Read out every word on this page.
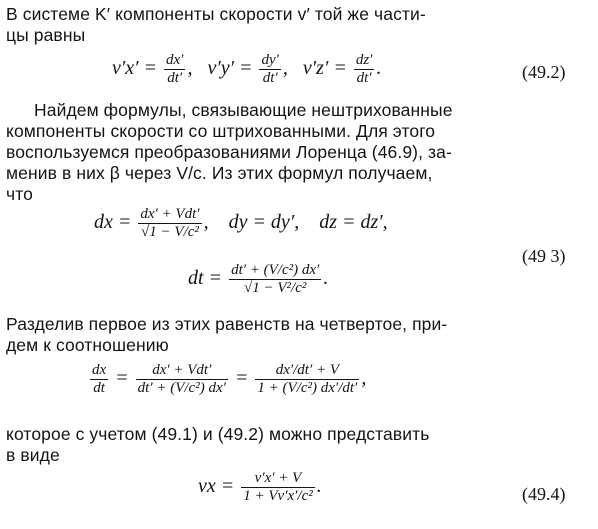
В системе K′ компоненты скорости v′ той же части-
цы равны
$v'x' = \frac{dx'}{dt'}$ ,   $v'y' = \frac{dy'}{dt'}$ ,   $v'z' = \frac{dz'}{dt'}$ .	(49.2)
Найдем формулы, связывающие нештрихованные
компоненты скорости со штрихованными. Для этого
воспользуемся преобразованиями Лоренца (46.9), за-
менив в них β через V/c. Из этих формул получаем,
что
dx = $\frac{\text{dx′ + Vdt′}}{\text{√1 − V/c²}}$ ,    dy = dy′, dz = dz′,
dt = $\frac{\text{dt′ + (V/c²) dx′}}{\text{√1 − V²/c²}}$ .
(49 3)
Разделив первое из этих равенств на четвертое, при-
дем к соотношению
$\frac{dx}{dt} = \frac{\text{dx′ + Vdt′}}{\text{dt′ + (V/c²) dx′}} = \frac{dx'/dt' + V}{\text{1 + (V/c²) dx′/dt′}}$ ,
которое с учетом (49.1) и (49.2) можно представить
в виде
vx = $\frac{v'x' + V}{\text{1 + Vv′x′/c²}}$ .	(49.4)
